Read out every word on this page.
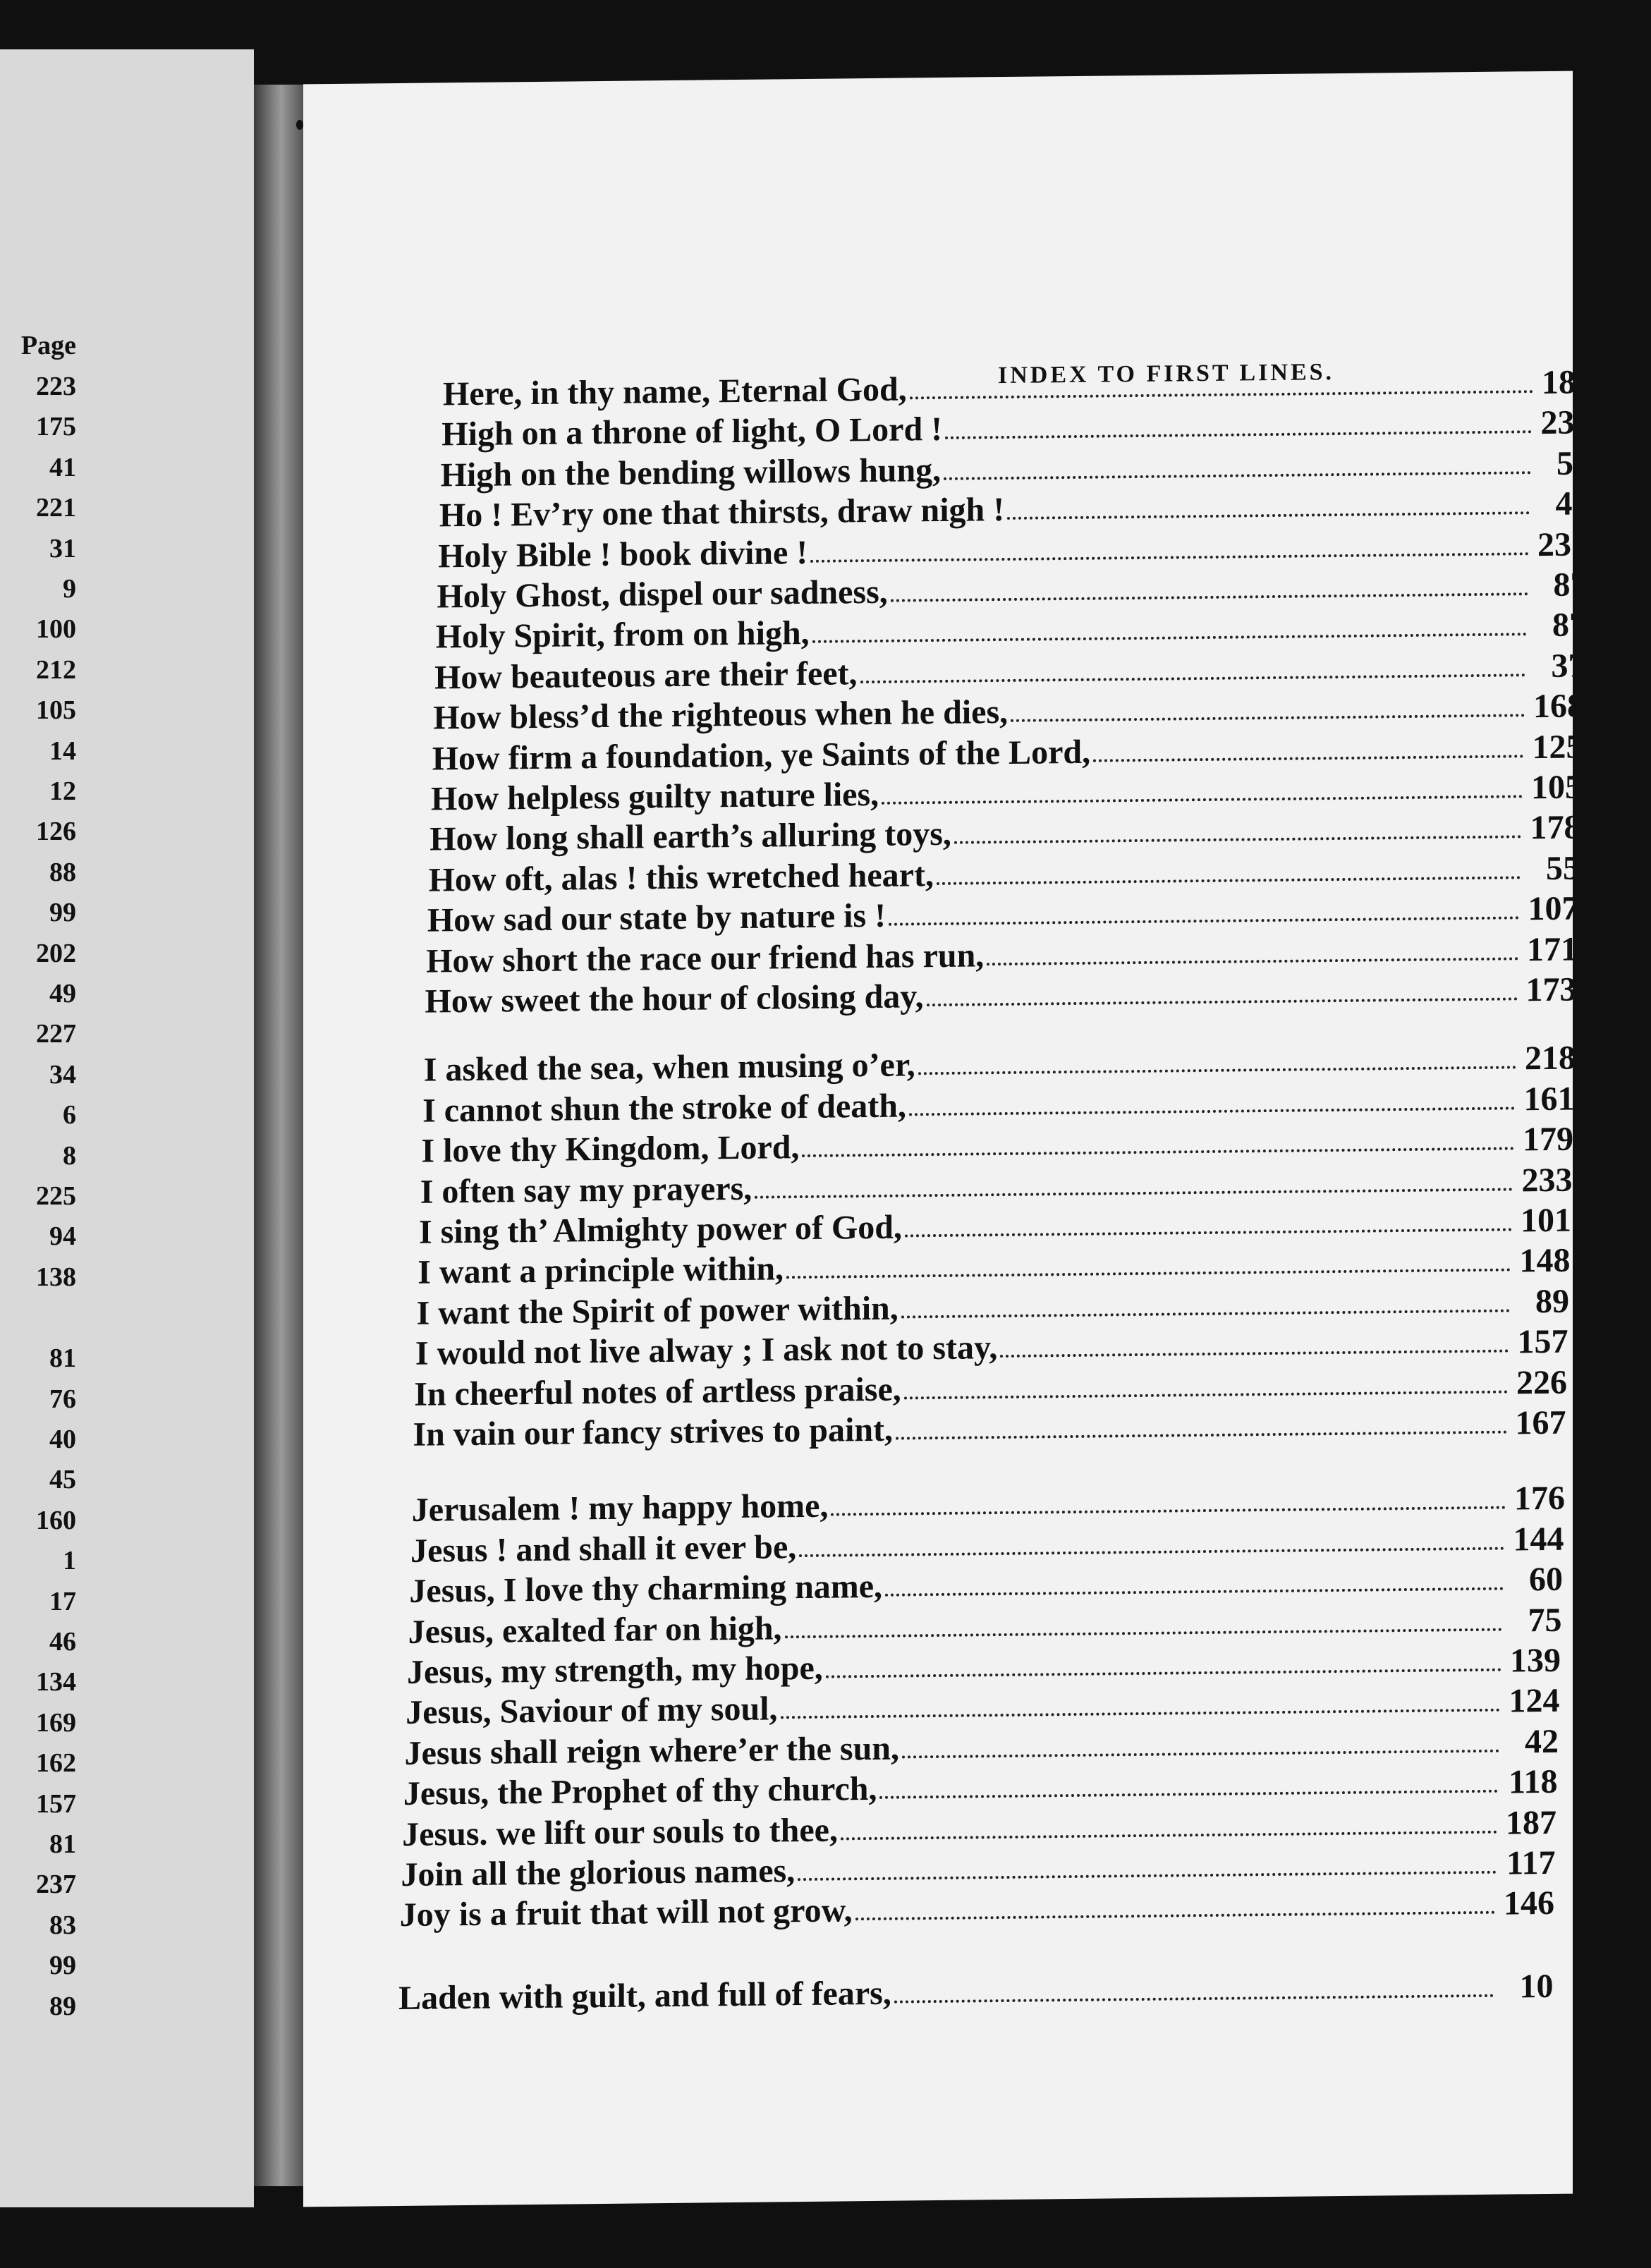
Page
223
175
41
221
31
9
100
212
105
14
12
126
88
99
202
49
227
34
6
8
225
94
138
81
76
40
45
160
1
17
46
134
169
162
157
81
237
83
99
89
INDEX TO FIRST LINES.	xi.
Page
Here, in thy name, Eternal God,	185
High on a throne of light, O Lord !	234
High on the bending willows hung,	50
Ho ! Ev’ry one that thirsts, draw nigh !	46
Holy Bible ! book divine !	232
Holy Ghost, dispel our sadness,	87
Holy Spirit, from on high,	87
How beauteous are their feet,	37
How bless’d the righteous when he dies,	168
How firm a foundation, ye Saints of the Lord,	125
How helpless guilty nature lies,	105
How long shall earth’s alluring toys,	178
How oft, alas ! this wretched heart,	55
How sad our state by nature is !	107
How short the race our friend has run,	171
How sweet the hour of closing day,	173
I asked the sea, when musing o’er,	218
I cannot shun the stroke of death,	161
I love thy Kingdom, Lord,	179
I often say my prayers,	233
I sing th’ Almighty power of God,	101
I want a principle within,	148
I want the Spirit of power within,	89
I would not live alway ; I ask not to stay,	157
In cheerful notes of artless praise,	226
In vain our fancy strives to paint,	167
Jerusalem ! my happy home,	176
Jesus ! and shall it ever be,	144
Jesus, I love thy charming name,	60
Jesus, exalted far on high,	75
Jesus, my strength, my hope,	139
Jesus, Saviour of my soul,	124
Jesus shall reign where’er the sun,	42
Jesus, the Prophet of thy church,	118
Jesus. we lift our souls to thee,	187
Join all the glorious names,	117
Joy is a fruit that will not grow,	146
Laden with guilt, and full of fears,	10
